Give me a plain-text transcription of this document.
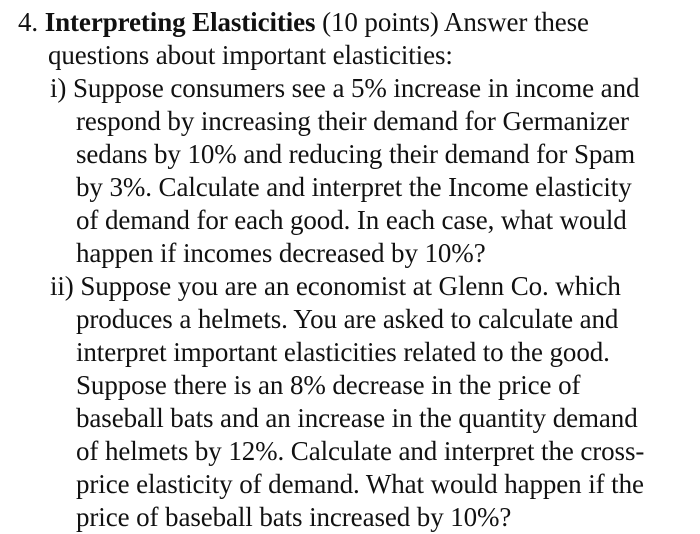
4. Interpreting Elasticities (10 points) Answer these
questions about important elasticities:
i) Suppose consumers see a 5% increase in income and
respond by increasing their demand for Germanizer
sedans by 10% and reducing their demand for Spam
by 3%. Calculate and interpret the Income elasticity
of demand for each good. In each case, what would
happen if incomes decreased by 10%?
ii) Suppose you are an economist at Glenn Co. which
produces a helmets. You are asked to calculate and
interpret important elasticities related to the good.
Suppose there is an 8% decrease in the price of
baseball bats and an increase in the quantity demand
of helmets by 12%. Calculate and interpret the cross-
price elasticity of demand. What would happen if the
price of baseball bats increased by 10%?
